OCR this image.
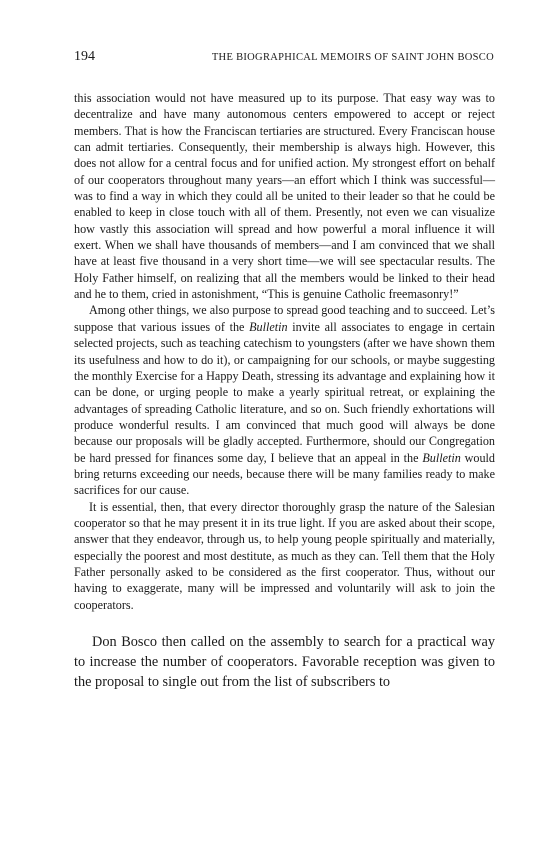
194	THE BIOGRAPHICAL MEMOIRS OF SAINT JOHN BOSCO

this association would not have measured up to its purpose. That easy way was to decentralize and have many autonomous centers empowered to accept or reject members. That is how the Franciscan tertiaries are structured. Every Franciscan house can admit tertiaries. Consequently, their membership is always high. However, this does not allow for a central focus and for unified action. My strongest effort on behalf of our cooperators throughout many years—an effort which I think was successful—was to find a way in which they could all be united to their leader so that he could be enabled to keep in close touch with all of them. Presently, not even we can visualize how vastly this association will spread and how powerful a moral influence it will exert. When we shall have thousands of members—and I am convinced that we shall have at least five thousand in a very short time—we will see spectacular results. The Holy Father himself, on realizing that all the members would be linked to their head and he to them, cried in astonishment, “This is genuine Catholic freemasonry!”

Among other things, we also purpose to spread good teaching and to succeed. Let’s suppose that various issues of the Bulletin invite all associates to engage in certain selected projects, such as teaching catechism to youngsters (after we have shown them its usefulness and how to do it), or campaigning for our schools, or maybe suggesting the monthly Exercise for a Happy Death, stressing its advantage and explaining how it can be done, or urging people to make a yearly spiritual retreat, or explaining the advantages of spreading Catholic literature, and so on. Such friendly exhortations will produce wonderful results. I am convinced that much good will always be done because our proposals will be gladly accepted. Furthermore, should our Congregation be hard pressed for finances some day, I believe that an appeal in the Bulletin would bring returns exceeding our needs, because there will be many families ready to make sacrifices for our cause.

It is essential, then, that every director thoroughly grasp the nature of the Salesian cooperator so that he may present it in its true light. If you are asked about their scope, answer that they endeavor, through us, to help young people spiritually and materially, especially the poorest and most destitute, as much as they can. Tell them that the Holy Father personally asked to be considered as the first cooperator. Thus, without our having to exaggerate, many will be impressed and voluntarily will ask to join the cooperators.

Don Bosco then called on the assembly to search for a practical way to increase the number of cooperators. Favorable reception was given to the proposal to single out from the list of subscribers to
